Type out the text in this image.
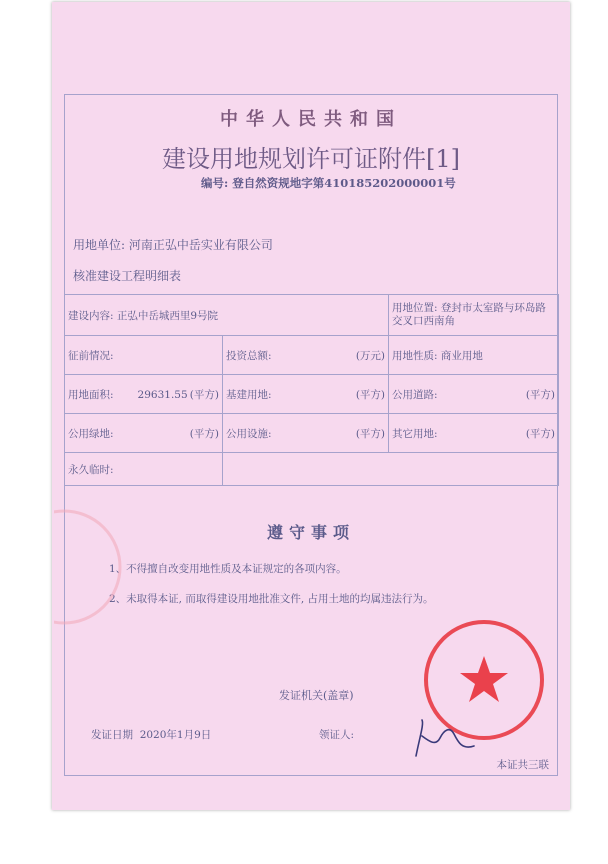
中华人民共和国
建设用地规划许可证附件[1]
编号: 登自然资规地字第410185202000001号
用地单位: 河南正弘中岳实业有限公司
核准建设工程明细表
建设内容: 正弘中岳城西里9号院		用地位置: 登封市太室路与环岛路交叉口西南角
征前情况:	投资总额: (万元)	用地性质: 商业用地
用地面积: 29631.55 (平方)	基建用地: (平方)	公用道路: (平方)

公用绿地: (平方)	公用设施: (平方)	其它用地: (平方)

永久临时:		
遵守事项
1、不得擅自改变用地性质及本证规定的各项内容。
2、未取得本证, 而取得建设用地批准文件, 占用土地的均属违法行为。
发证机关(盖章)
发证日期 2020年1月9日	领证人:
本证共三联
